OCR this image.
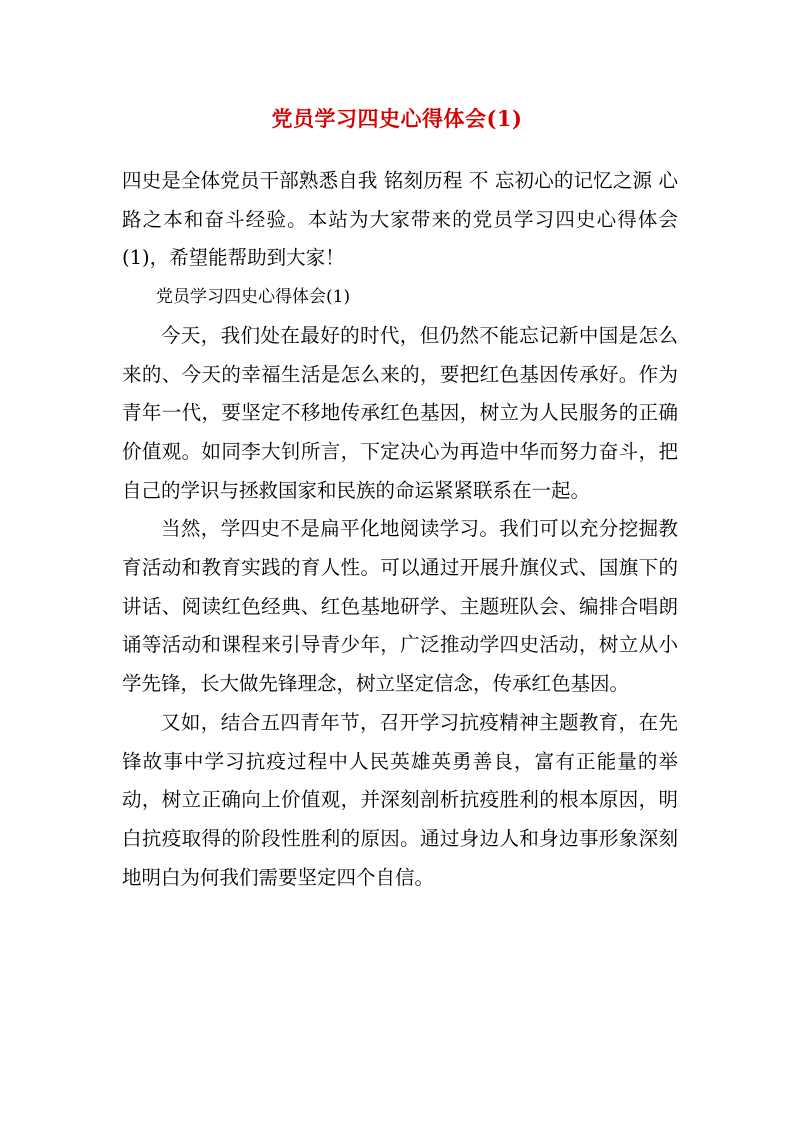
党员学习四史心得体会(1)

四史是全体党员干部熟悉自我 铭刻历程 不 忘初心的记忆之源 心路之本和奋斗经验。本站为大家带来的党员学习四史心得体会(1)，希望能帮助到大家！

党员学习四史心得体会(1)

今天，我们处在最好的时代，但仍然不能忘记新中国是怎么来的、今天的幸福生活是怎么来的，要把红色基因传承好。作为青年一代，要坚定不移地传承红色基因，树立为人民服务的正确价值观。如同李大钊所言，下定决心为再造中华而努力奋斗，把自己的学识与拯救国家和民族的命运紧紧联系在一起。

当然，学四史不是扁平化地阅读学习。我们可以充分挖掘教育活动和教育实践的育人性。可以通过开展升旗仪式、国旗下的讲话、阅读红色经典、红色基地研学、主题班队会、编排合唱朗诵等活动和课程来引导青少年，广泛推动学四史活动，树立从小学先锋，长大做先锋理念，树立坚定信念，传承红色基因。

又如，结合五四青年节，召开学习抗疫精神主题教育，在先锋故事中学习抗疫过程中人民英雄英勇善良，富有正能量的举动，树立正确向上价值观，并深刻剖析抗疫胜利的根本原因，明白抗疫取得的阶段性胜利的原因。通过身边人和身边事形象深刻地明白为何我们需要坚定四个自信。
